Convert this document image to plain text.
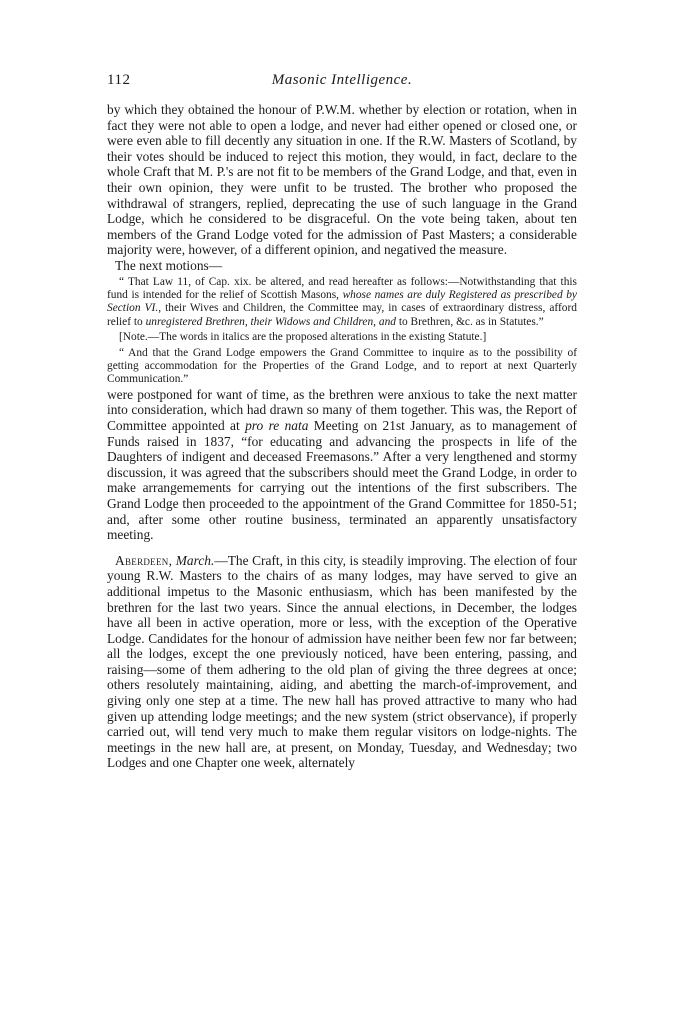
112	Masonic Intelligence.

by which they obtained the honour of P.W.M. whether by election or rotation, when in fact they were not able to open a lodge, and never had either opened or closed one, or were even able to fill decently any situation in one. If the R.W. Masters of Scotland, by their votes should be induced to reject this motion, they would, in fact, declare to the whole Craft that M. P.'s are not fit to be members of the Grand Lodge, and that, even in their own opinion, they were unfit to be trusted. The brother who proposed the withdrawal of strangers, replied, deprecating the use of such language in the Grand Lodge, which he considered to be disgraceful. On the vote being taken, about ten members of the Grand Lodge voted for the admission of Past Masters; a considerable majority were, however, of a different opinion, and negatived the measure.

The next motions—

“ That Law 11, of Cap. xix. be altered, and read hereafter as follows:—Notwithstanding that this fund is intended for the relief of Scottish Masons, whose names are duly Registered as prescribed by Section VI., their Wives and Children, the Committee may, in cases of extraordinary distress, afford relief to unregistered Brethren, their Widows and Children, and to Brethren, &c. as in Statutes.”

[Note.—The words in italics are the proposed alterations in the existing Statute.]

“ And that the Grand Lodge empowers the Grand Committee to inquire as to the possibility of getting accommodation for the Properties of the Grand Lodge, and to report at next Quarterly Communication.”

were postponed for want of time, as the brethren were anxious to take the next matter into consideration, which had drawn so many of them together. This was, the Report of Committee appointed at pro re nata Meeting on 21st January, as to management of Funds raised in 1837, “for educating and advancing the prospects in life of the Daughters of indigent and deceased Freemasons.” After a very lengthened and stormy discussion, it was agreed that the subscribers should meet the Grand Lodge, in order to make arrangemements for carrying out the intentions of the first subscribers. The Grand Lodge then proceeded to the appointment of the Grand Committee for 1850-51; and, after some other routine business, terminated an apparently unsatisfactory meeting.

Aberdeen, March.—The Craft, in this city, is steadily improving. The election of four young R.W. Masters to the chairs of as many lodges, may have served to give an additional impetus to the Masonic enthusiasm, which has been manifested by the brethren for the last two years. Since the annual elections, in December, the lodges have all been in active operation, more or less, with the exception of the Operative Lodge. Candidates for the honour of admission have neither been few nor far between; all the lodges, except the one previously noticed, have been entering, passing, and raising—some of them adhering to the old plan of giving the three degrees at once; others resolutely maintaining, aiding, and abetting the march-of-improvement, and giving only one step at a time. The new hall has proved attractive to many who had given up attending lodge meetings; and the new system (strict observance), if properly carried out, will tend very much to make them regular visitors on lodge-nights. The meetings in the new hall are, at present, on Monday, Tuesday, and Wednesday; two Lodges and one Chapter one week, alternately
